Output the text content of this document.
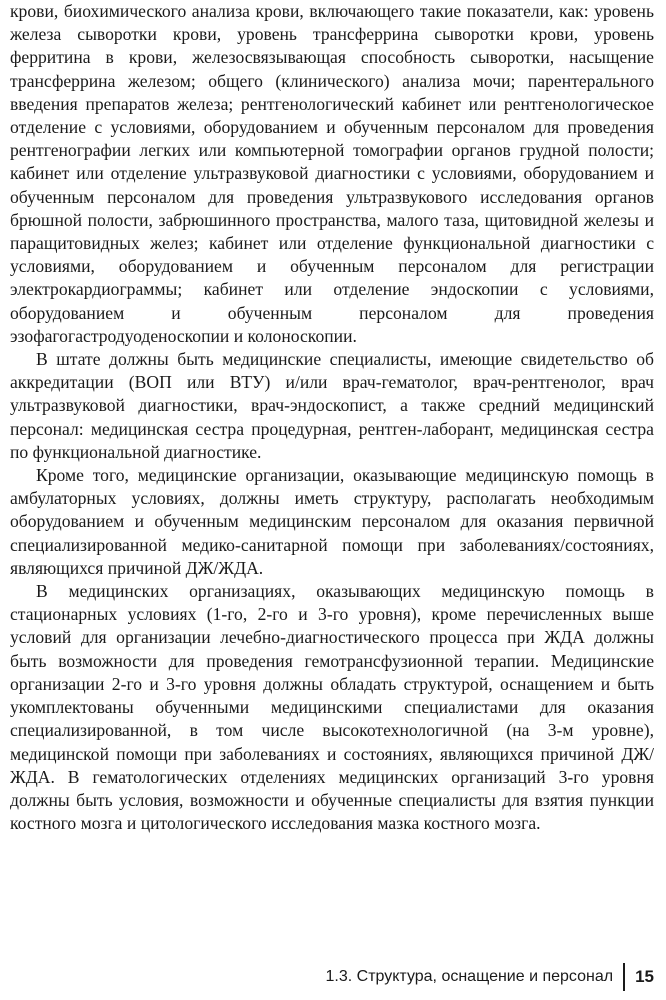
крови, биохимического анализа крови, включающего такие показатели, как: уровень железа сыворотки крови, уровень трансферрина сыворотки крови, уровень ферритина в крови, железосвязывающая способность сыворотки, насыщение трансферрина железом; общего (клинического) анализа мочи; парентерального введения препаратов железа; рентгенологический кабинет или рентгенологическое отделение с условиями, оборудованием и обученным персоналом для проведения рентгенографии легких или компьютерной томографии органов грудной полости; кабинет или отделение ультразвуковой диагностики с условиями, оборудованием и обученным персоналом для проведения ультразвукового исследования органов брюшной полости, забрюшинного пространства, малого таза, щитовидной железы и паращитовидных желез; кабинет или отделение функциональной диагностики с условиями, оборудованием и обученным персоналом для регистрации электрокардиограммы; кабинет или отделение эндоскопии с условиями, оборудованием и обученным персоналом для проведения эзофагогастродуоденоскопии и колоноскопии.

В штате должны быть медицинские специалисты, имеющие свидетельство об аккредитации (ВОП или ВТУ) и/или врач-гематолог, врач-рентгенолог, врач ультразвуковой диагностики, врач-эндоскопист, а также средний медицинский персонал: медицинская сестра процедурная, рентген-лаборант, медицинская сестра по функциональной диагностике.

Кроме того, медицинские организации, оказывающие медицинскую помощь в амбулаторных условиях, должны иметь структуру, располагать необходимым оборудованием и обученным медицинским персоналом для оказания первичной специализированной медико-санитарной помощи при заболеваниях/состояниях, являющихся причиной ДЖ/ЖДА.

В медицинских организациях, оказывающих медицинскую помощь в стационарных условиях (1-го, 2-го и 3-го уровня), кроме перечисленных выше условий для организации лечебно-диагностического процесса при ЖДА должны быть возможности для проведения гемотрансфузионной терапии. Медицинские организации 2-го и 3-го уровня должны обладать структурой, оснащением и быть укомплектованы обученными медицинскими специалистами для оказания специализированной, в том числе высокотехнологичной (на 3-м уровне), медицинской помощи при заболеваниях и состояниях, являющихся причиной ДЖ/ЖДА. В гематологических отделениях медицинских организаций 3-го уровня должны быть условия, возможности и обученные специалисты для взятия пункции костного мозга и цитологического исследования мазка костного мозга.

1.3. Структура, оснащение и персонал	15
